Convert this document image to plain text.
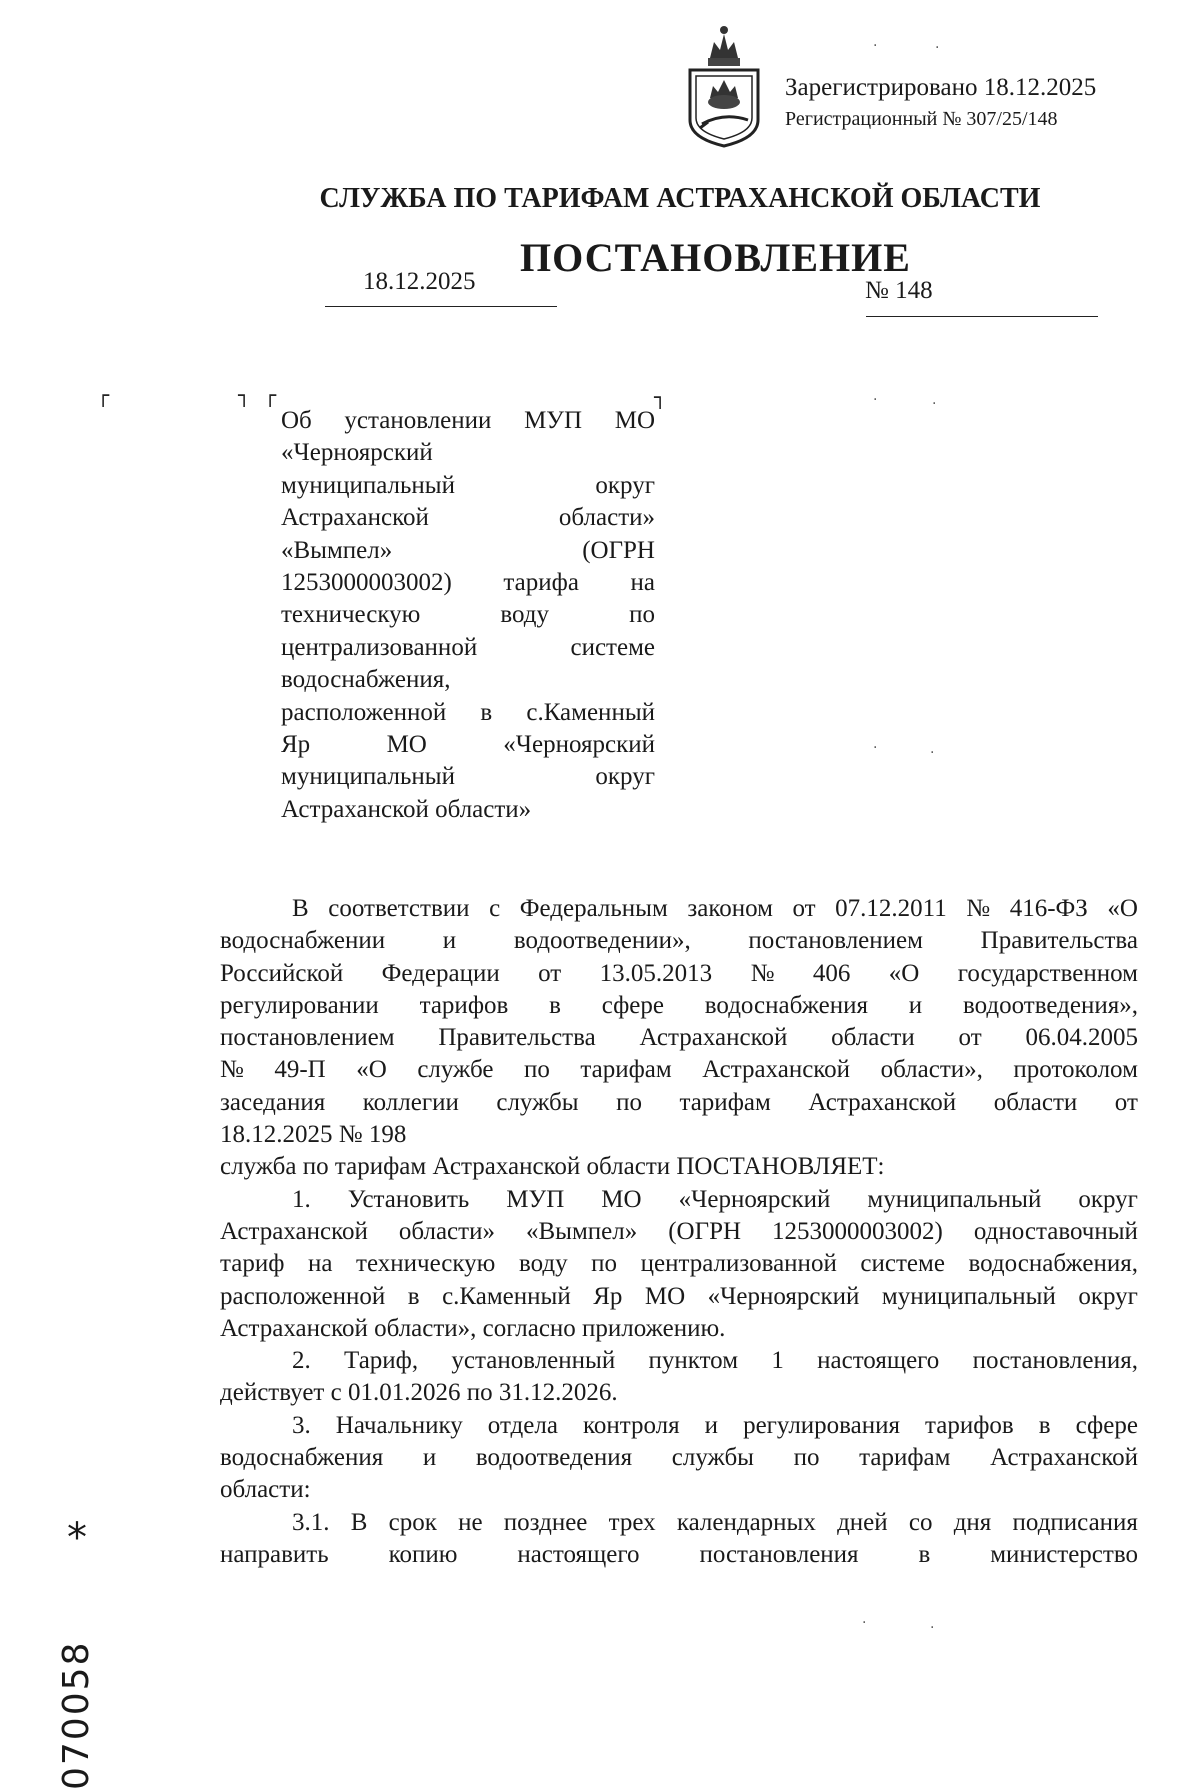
Зарегистрировано 18.12.2025
Регистрационный № 307/25/148
СЛУЖБА ПО ТАРИФАМ АСТРАХАНСКОЙ ОБЛАСТИ
ПОСТАНОВЛЕНИЕ
18.12.2025	№ 148
┌	┐ ┌	┐
Об установлении МУП МО
«Черноярский
муниципальный округ
Астраханской области»
«Вымпел» (ОГРН
1253000003002) тарифа на
техническую воду по
централизованной системе
водоснабжения,
расположенной в с.Каменный
Яр МО «Черноярский
муниципальный округ
Астраханской области»
В соответствии с Федеральным законом от 07.12.2011 № 416-ФЗ «О
водоснабжении и водоотведении», постановлением Правительства
Российской Федерации от 13.05.2013 № 406 «О государственном
регулировании тарифов в сфере водоснабжения и водоотведения»,
постановлением Правительства Астраханской области от 06.04.2005
№ 49-П «О службе по тарифам Астраханской области», протоколом
заседания коллегии службы по тарифам Астраханской области от
18.12.2025 № 198
служба по тарифам Астраханской области ПОСТАНОВЛЯЕТ:
1. Установить МУП МО «Черноярский муниципальный округ
Астраханской области» «Вымпел» (ОГРН 1253000003002) одноставочный
тариф на техническую воду по централизованной системе водоснабжения,
расположенной в с.Каменный Яр МО «Черноярский муниципальный округ
Астраханской области», согласно приложению.
2. Тариф, установленный пунктом 1 настоящего постановления,
действует с 01.01.2026 по 31.12.2026.
3. Начальнику отдела контроля и регулирования тарифов в сфере
водоснабжения и водоотведения службы по тарифам Астраханской
области:
3.1. В срок не позднее трех календарных дней со дня подписания
направить копию настоящего постановления в министерство
*
070058
·	·
·	·
·	·
·	·
